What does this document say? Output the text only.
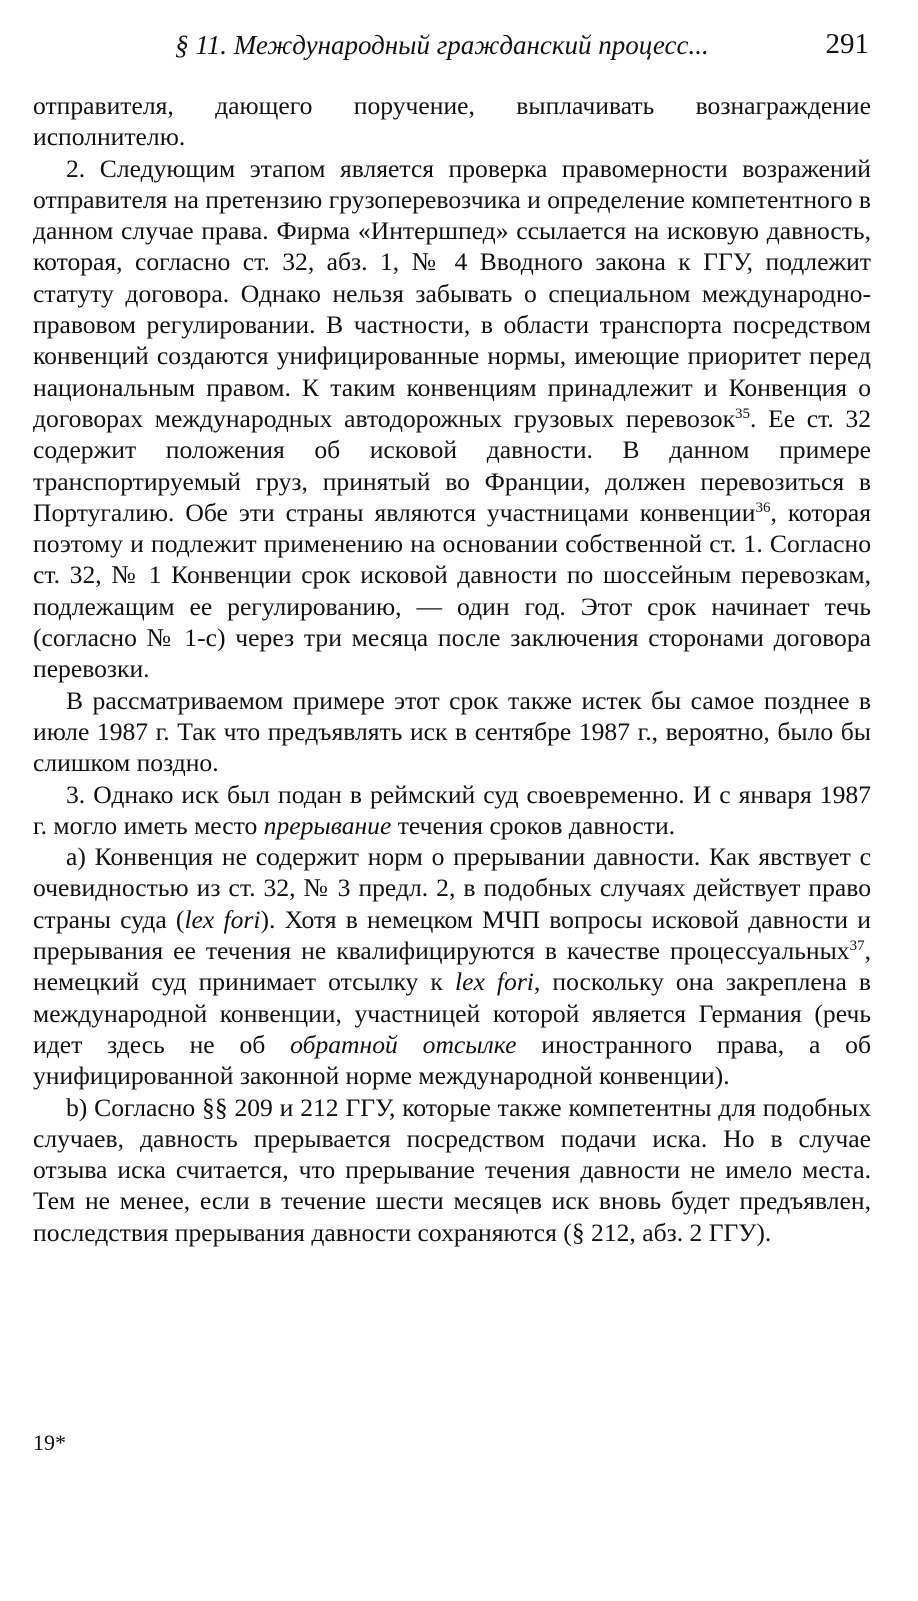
§ 11. Международный гражданский процесс...	291

отправителя, дающего поручение, выплачивать вознаграждение исполнителю.

2. Следующим этапом является проверка правомерности возражений отправителя на претензию грузоперевозчика и определение компетентного в данном случае права. Фирма «Интершпед» ссылается на исковую давность, которая, согласно ст. 32, абз. 1, № 4 Вводного закона к ГГУ, подлежит статуту договора. Однако нельзя забывать о специальном международно-правовом регулировании. В частности, в области транспорта посредством конвенций создаются унифицированные нормы, имеющие приоритет перед национальным правом. К таким конвенциям принадлежит и Конвенция о договорах международных автодорожных грузовых перевозок$^{35}$. Ее ст. 32 содержит положения об исковой давности. В данном примере транспортируемый груз, принятый во Франции, должен перевозиться в Португалию. Обе эти страны являются участницами конвенции$^{36}$, которая поэтому и подлежит применению на основании собственной ст. 1. Согласно ст. 32, № 1 Конвенции срок исковой давности по шоссейным перевозкам, подлежащим ее регулированию, — один год. Этот срок начинает течь (согласно № 1-с) через три месяца после заключения сторонами договора перевозки.

В рассматриваемом примере этот срок также истек бы самое позднее в июле 1987 г. Так что предъявлять иск в сентябре 1987 г., вероятно, было бы слишком поздно.

3. Однако иск был подан в реймский суд своевременно. И с января 1987 г. могло иметь место прерывание течения сроков давности.

а) Конвенция не содержит норм о прерывании давности. Как явствует с очевидностью из ст. 32, № 3 предл. 2, в подобных случаях действует право страны суда (lex fori). Хотя в немецком МЧП вопросы исковой давности и прерывания ее течения не квалифицируются в качестве процессуальных$^{37}$, немецкий суд принимает отсылку к lex fori, поскольку она закреплена в международной конвенции, участницей которой является Германия (речь идет здесь не об обратной отсылке иностранного права, а об унифицированной законной норме международной конвенции).

b) Согласно §§ 209 и 212 ГГУ, которые также компетентны для подобных случаев, давность прерывается посредством подачи иска. Но в случае отзыва иска считается, что прерывание течения давности не имело места. Тем не менее, если в течение шести месяцев иск вновь будет предъявлен, последствия прерывания давности сохраняются (§ 212, абз. 2 ГГУ).

19*
